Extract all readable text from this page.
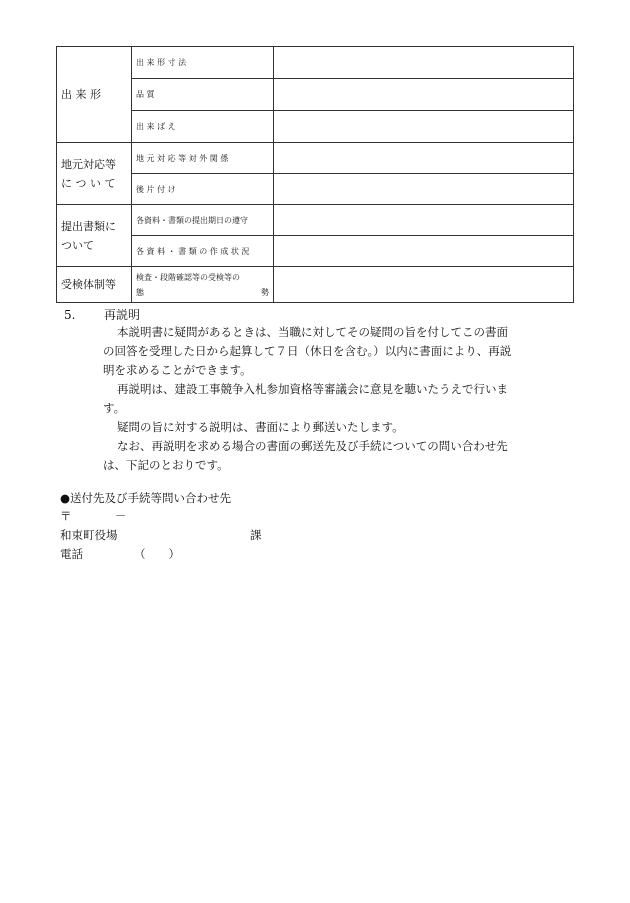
出 来 形	出 来 形 寸 法	
	品 質	
	出 来 ば え	

地元対応等
に つ い て	地 元 対 応 等 対 外 関 係	
	後 片 付 け	

提出書類に
ついて	各資料・書類の提出期日の遵守	
	各 資 料 ・ 書 類 の 作 成 状 況	
受検体制等	検査・段階確認等の受検等の
態 勢	

5. 再説明
本説明書に疑問があるときは、当職に対してその疑問の旨を付してこの書面
の回答を受理した日から起算して７日（休日を含む。）以内に書面により、再説
明を求めることができます。
再説明は、建設工事競争入札参加資格等審議会に意見を聴いたうえで行いま
す。
疑問の旨に対する説明は、書面により郵送いたします。
なお、再説明を求める場合の書面の郵送先及び手続についての問い合わせ先
は、下記のとおりです。
●送付先及び手続等問い合わせ先
〒	－
和束町役場	課
電話	（　　）
